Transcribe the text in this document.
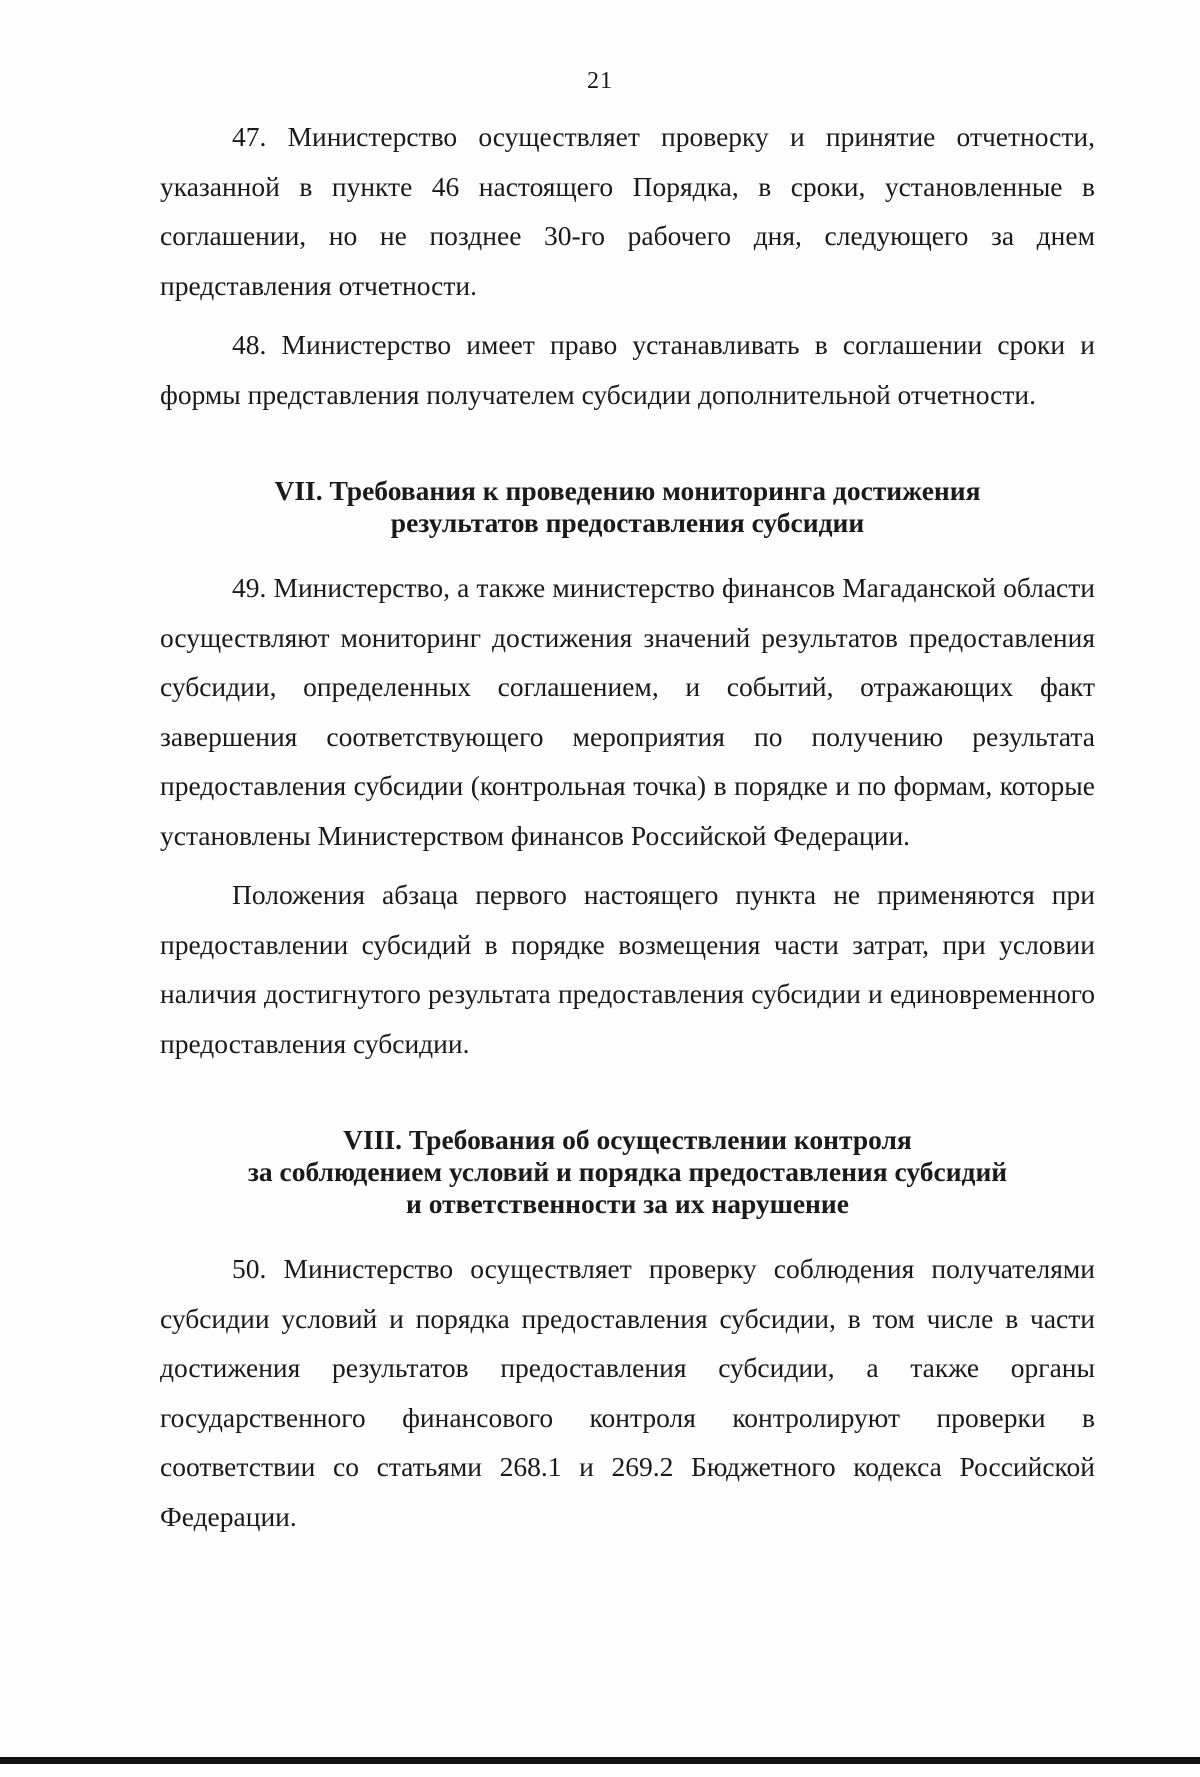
21

47. Министерство осуществляет проверку и принятие отчетности, указанной в пункте 46 настоящего Порядка, в сроки, установленные в соглашении, но не позднее 30-го рабочего дня, следующего за днем представления отчетности.

48. Министерство имеет право устанавливать в соглашении сроки и формы представления получателем субсидии дополнительной отчетности.

VII. Требования к проведению мониторинга достижения

результатов предоставления субсидии

49. Министерство, а также министерство финансов Магаданской области осуществляют мониторинг достижения значений результатов предоставления субсидии, определенных соглашением, и событий, отражающих факт завершения соответствующего мероприятия по получению результата предоставления субсидии (контрольная точка) в порядке и по формам, которые установлены Министерством финансов Российской Федерации.

Положения абзаца первого настоящего пункта не применяются при предоставлении субсидий в порядке возмещения части затрат, при условии наличия достигнутого результата предоставления субсидии и единовременного предоставления субсидии.

VIII. Требования об осуществлении контроля

за соблюдением условий и порядка предоставления субсидий

и ответственности за их нарушение

50. Министерство осуществляет проверку соблюдения получателями субсидии условий и порядка предоставления субсидии, в том числе в части достижения результатов предоставления субсидии, а также органы государственного финансового контроля контролируют проверки в соответствии со статьями 268.1 и 269.2 Бюджетного кодекса Российской Федерации.
